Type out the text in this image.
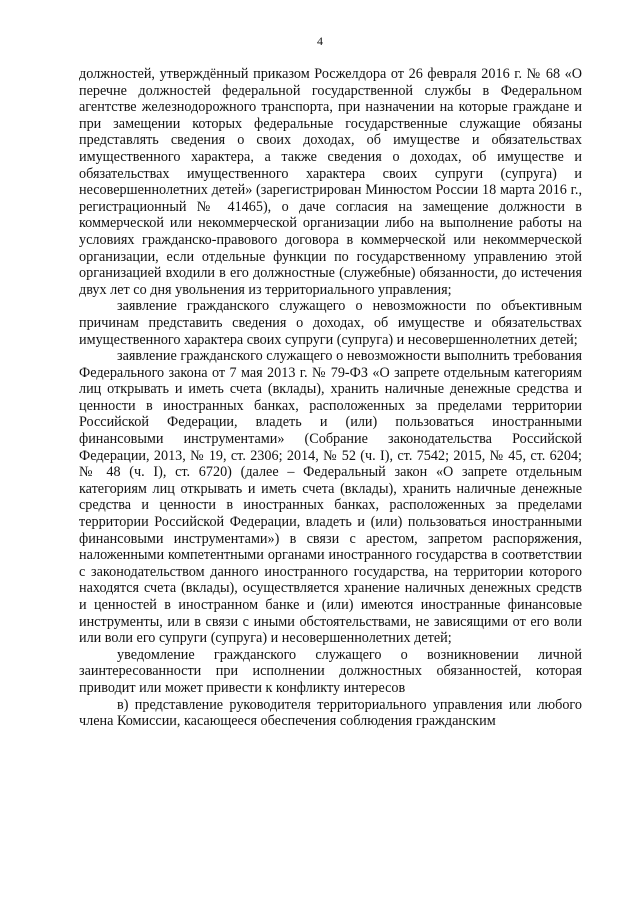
4

должностей, утверждённый приказом Росжелдора от 26 февраля 2016 г. № 68 «О перечне должностей федеральной государственной службы в Федеральном агентстве железнодорожного транспорта, при назначении на которые граждане и при замещении которых федеральные государственные служащие обязаны представлять сведения о своих доходах, об имуществе и обязательствах имущественного характера, а также сведения о доходах, об имуществе и обязательствах имущественного характера своих супруги (супруга) и несовершеннолетних детей» (зарегистрирован Минюстом России 18 марта 2016 г., регистрационный № 41465), о даче согласия на замещение должности в коммерческой или некоммерческой организации либо на выполнение работы на условиях гражданско-правового договора в коммерческой или некоммерческой организации, если отдельные функции по государственному управлению этой организацией входили в его должностные (служебные) обязанности, до истечения двух лет со дня увольнения из территориального управления;

заявление гражданского служащего о невозможности по объективным причинам представить сведения о доходах, об имуществе и обязательствах имущественного характера своих супруги (супруга) и несовершеннолетних детей;

заявление гражданского служащего о невозможности выполнить требования Федерального закона от 7 мая 2013 г. № 79-ФЗ «О запрете отдельным категориям лиц открывать и иметь счета (вклады), хранить наличные денежные средства и ценности в иностранных банках, расположенных за пределами территории Российской Федерации, владеть и (или) пользоваться иностранными финансовыми инструментами» (Собрание законодательства Российской Федерации, 2013, № 19, ст. 2306; 2014, № 52 (ч. I), ст. 7542; 2015, № 45, ст. 6204; № 48 (ч. I), ст. 6720) (далее – Федеральный закон «О запрете отдельным категориям лиц открывать и иметь счета (вклады), хранить наличные денежные средства и ценности в иностранных банках, расположенных за пределами территории Российской Федерации, владеть и (или) пользоваться иностранными финансовыми инструментами») в связи с арестом, запретом распоряжения, наложенными компетентными органами иностранного государства в соответствии с законодательством данного иностранного государства, на территории которого находятся счета (вклады), осуществляется хранение наличных денежных средств и ценностей в иностранном банке и (или) имеются иностранные финансовые инструменты, или в связи с иными обстоятельствами, не зависящими от его воли или воли его супруги (супруга) и несовершеннолетних детей;

уведомление гражданского служащего о возникновении личной заинтересованности при исполнении должностных обязанностей, которая приводит или может привести к конфликту интересов

в) представление руководителя территориального управления или любого члена Комиссии, касающееся обеспечения соблюдения гражданским
